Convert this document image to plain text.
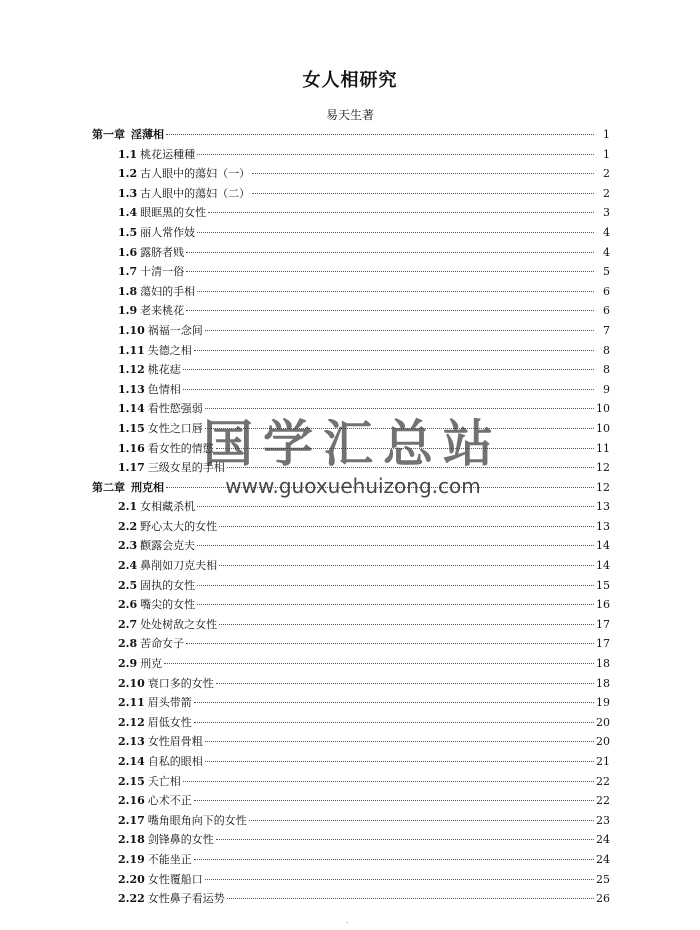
女人相研究
易天生著
第一章 淫薄相	1
1.1 桃花运種種	1
1.2 古人眼中的蕩妇（一）	2
1.3 古人眼中的蕩妇（二）	2
1.4 眼眶黑的女性	3
1.5 丽人常作妓	4
1.6 露脐者贱	4
1.7 十清一俗	5
1.8 蕩妇的手相	6
1.9 老来桃花	6
1.10 祸福一念间	7
1.11 失德之相	8
1.12 桃花痣	8
1.13 色情相	9
1.14 看性慾强弱	10
1.15 女性之口唇	10
1.16 看女性的情慾	11
1.17 三级女星的手相	12
第二章 刑克相	12
2.1 女相藏杀机	13
2.2 野心太大的女性	13
2.3 颧露会克夫	14
2.4 鼻削如刀克夫相	14
2.5 固执的女性	15
2.6 嘴尖的女性	16
2.7 处处树敌之女性	17
2.8 苦命女子	17
2.9 刑克	18
2.10 衰口多的女性	18
2.11 眉头带箭	19
2.12 眉低女性	20
2.13 女性眉骨粗	20
2.14 自私的眼相	21
2.15 夭亡相	22
2.16 心术不正	22
2.17 嘴角眼角向下的女性	23
2.18 剑锋鼻的女性	24
2.19 不能坐正	24
2.20 女性覆船口	25
2.22 女性鼻子看运势	26
国学汇总站
www.guoxuehuizong.com
.
